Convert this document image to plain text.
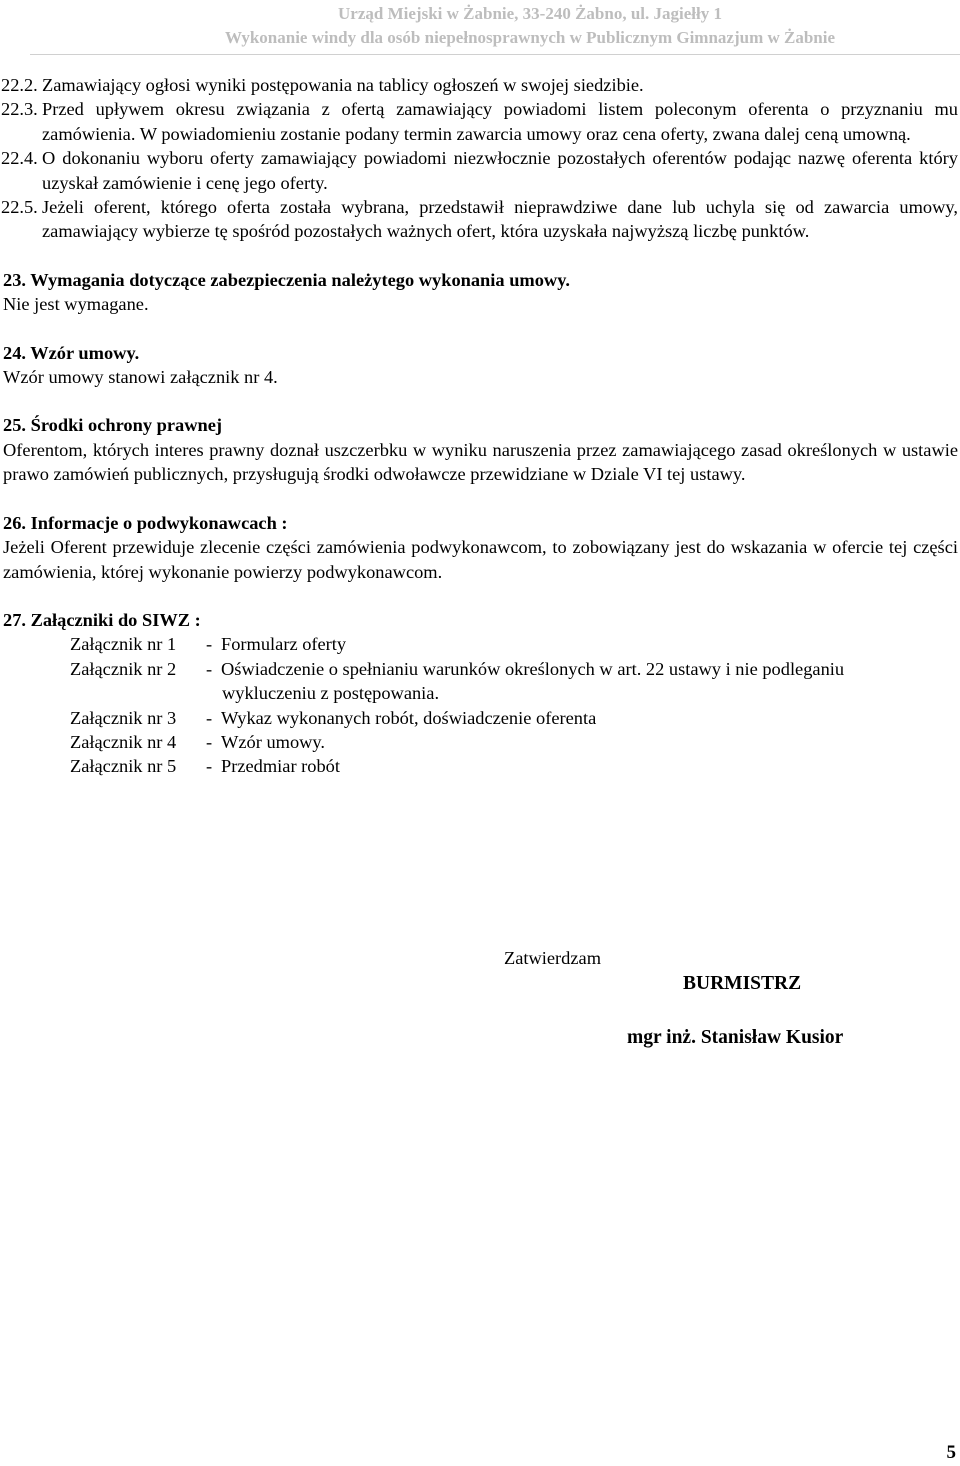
Urząd Miejski w Żabnie, 33-240 Żabno, ul. Jagiełły 1
Wykonanie windy dla osób niepełnosprawnych w Publicznym Gimnazjum w Żabnie
22.2. Zamawiający ogłosi wyniki postępowania na tablicy ogłoszeń w swojej siedzibie.
22.3. Przed upływem okresu związania z ofertą zamawiający powiadomi listem poleconym oferenta o przyznaniu mu zamówienia. W powiadomieniu zostanie podany termin zawarcia umowy oraz cena oferty, zwana dalej ceną umowną.
22.4. O dokonaniu wyboru oferty zamawiający powiadomi niezwłocznie pozostałych oferentów podając nazwę oferenta który uzyskał zamówienie i cenę jego oferty.
22.5. Jeżeli oferent, którego oferta została wybrana, przedstawił nieprawdziwe dane lub uchyla się od zawarcia umowy, zamawiający wybierze tę spośród pozostałych ważnych ofert, która uzyskała najwyższą liczbę punktów.
23. Wymagania dotyczące zabezpieczenia należytego wykonania umowy.
Nie jest wymagane.
24. Wzór umowy.
Wzór umowy stanowi załącznik nr 4.
25. Środki ochrony prawnej
Oferentom, których interes prawny doznał uszczerbku w wyniku naruszenia przez zamawiającego zasad określonych w ustawie prawo zamówień publicznych, przysługują środki odwoławcze przewidziane w Dziale VI tej ustawy.
26. Informacje o podwykonawcach :
Jeżeli Oferent przewiduje zlecenie części zamówienia podwykonawcom, to zobowiązany jest do wskazania w ofercie tej części zamówienia, której wykonanie powierzy podwykonawcom.
27. Załączniki do SIWZ :
Załącznik nr 1 - Formularz oferty
Załącznik nr 2 - Oświadczenie o spełnianiu warunków określonych w art. 22 ustawy i nie podleganiu
wykluczeniu z postępowania.
Załącznik nr 3 - Wykaz wykonanych robót, doświadczenie oferenta
Załącznik nr 4 - Wzór umowy.
Załącznik nr 5 - Przedmiar robót
Zatwierdzam
BURMISTRZ
mgr inż. Stanisław Kusior
5
